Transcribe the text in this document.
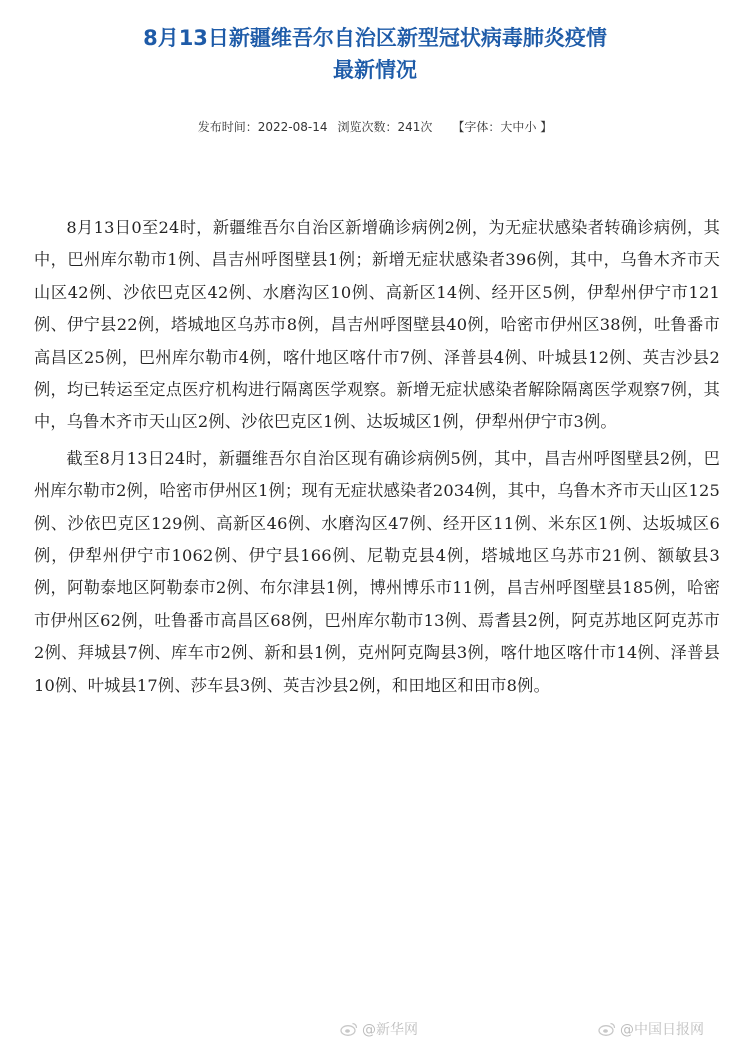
8月13日新疆维吾尔自治区新型冠状病毒肺炎疫情
最新情况
发布时间：2022-08-14 浏览次数：241次 【字体：大中小 】

8月13日0至24时，新疆维吾尔自治区新增确诊病例2例，为无症状感染者转确诊病例，其中，巴州库尔勒市1例、昌吉州呼图壁县1例；新增无症状感染者396例，其中，乌鲁木齐市天山区42例、沙依巴克区42例、水磨沟区10例、高新区14例、经开区5例，伊犁州伊宁市121例、伊宁县22例，塔城地区乌苏市8例，昌吉州呼图壁县40例，哈密市伊州区38例，吐鲁番市高昌区25例，巴州库尔勒市4例，喀什地区喀什市7例、泽普县4例、叶城县12例、英吉沙县2例，均已转运至定点医疗机构进行隔离医学观察。新增无症状感染者解除隔离医学观察7例，其中，乌鲁木齐市天山区2例、沙依巴克区1例、达坂城区1例，伊犁州伊宁市3例。

截至8月13日24时，新疆维吾尔自治区现有确诊病例5例，其中，昌吉州呼图壁县2例，巴州库尔勒市2例，哈密市伊州区1例；现有无症状感染者2034例，其中，乌鲁木齐市天山区125例、沙依巴克区129例、高新区46例、水磨沟区47例、经开区11例、米东区1例、达坂城区6例，伊犁州伊宁市1062例、伊宁县166例、尼勒克县4例，塔城地区乌苏市21例、额敏县3例，阿勒泰地区阿勒泰市2例、布尔津县1例，博州博乐市11例，昌吉州呼图壁县185例，哈密市伊州区62例，吐鲁番市高昌区68例，巴州库尔勒市13例、焉耆县2例，阿克苏地区阿克苏市2例、拜城县7例、库车市2例、新和县1例，克州阿克陶县3例，喀什地区喀什市14例、泽普县10例、叶城县17例、莎车县3例、英吉沙县2例，和田地区和田市8例。

@新华网	@中国日报网
